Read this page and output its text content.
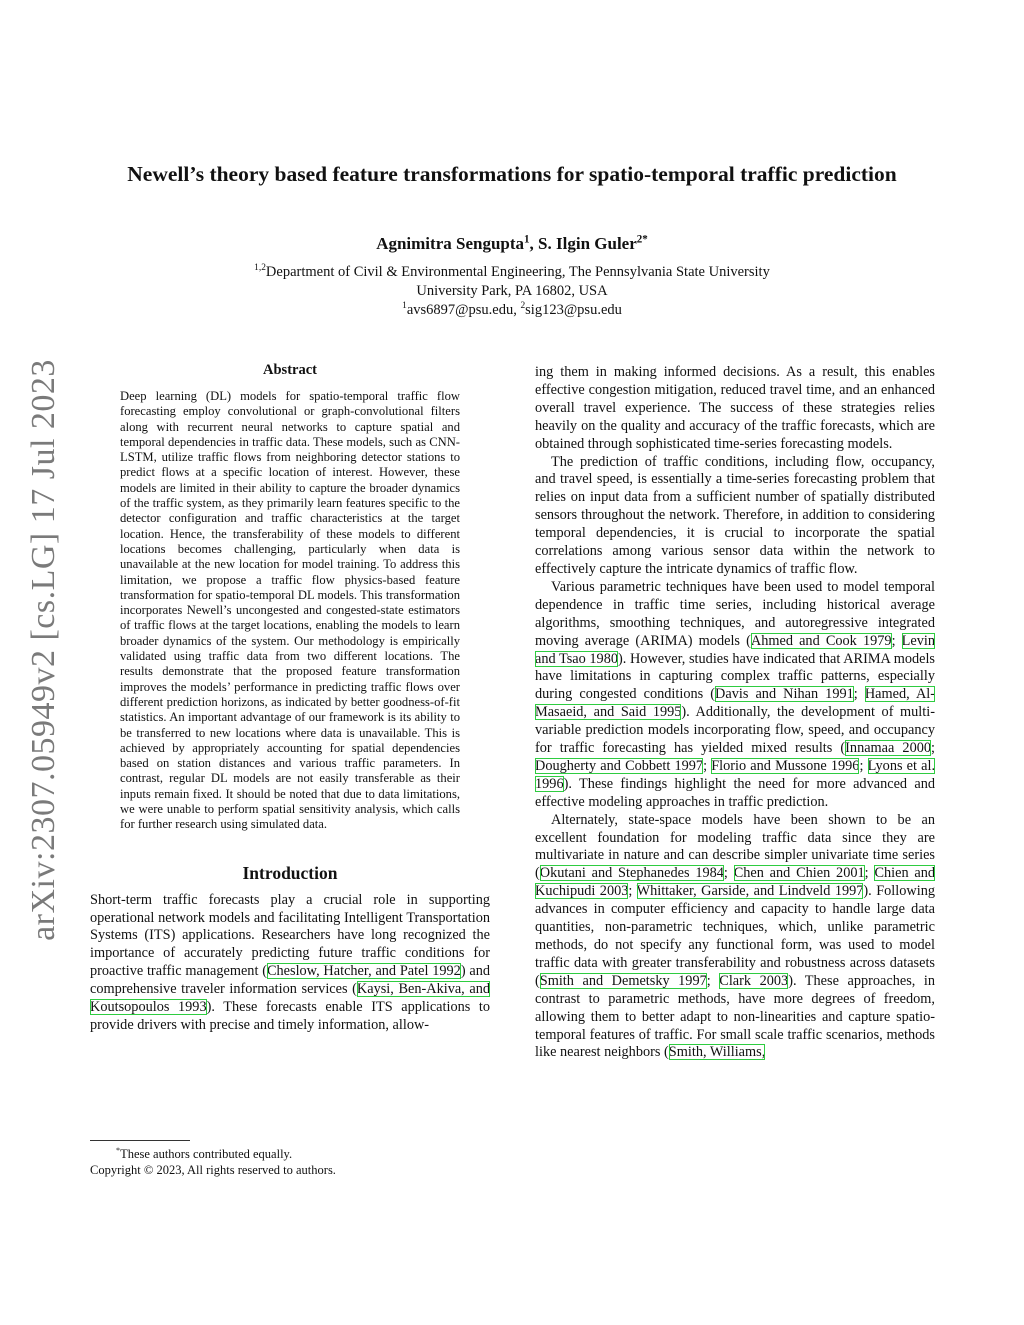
arXiv:2307.05949v2 [cs.LG] 17 Jul 2023
Newell’s theory based feature transformations for spatio-temporal traffic prediction
Agnimitra Sengupta$^1$, S. Ilgin Guler$^{2*}$
$^{1,2}$Department of Civil & Environmental Engineering, The Pennsylvania State University
University Park, PA 16802, USA
$^1$avs6897@psu.edu, $^2$sig123@psu.edu
Abstract
Deep learning (DL) models for spatio-temporal traffic flow forecasting employ convolutional or graph-convolutional filters along with recurrent neural networks to capture spatial and temporal dependencies in traffic data. These models, such as CNN-LSTM, utilize traffic flows from neighboring detector stations to predict flows at a specific location of interest. However, these models are limited in their ability to capture the broader dynamics of the traffic system, as they primarily learn features specific to the detector configuration and traffic characteristics at the target location. Hence, the transferability of these models to different locations becomes challenging, particularly when data is unavailable at the new location for model training. To address this limitation, we propose a traffic flow physics-based feature transformation for spatio-temporal DL models. This transformation incorporates Newell’s uncongested and congested-state estimators of traffic flows at the target locations, enabling the models to learn broader dynamics of the system. Our methodology is empirically validated using traffic data from two different locations. The results demonstrate that the proposed feature transformation improves the models’ performance in predicting traffic flows over different prediction horizons, as indicated by better goodness-of-fit statistics. An important advantage of our framework is its ability to be transferred to new locations where data is unavailable. This is achieved by appropriately accounting for spatial dependencies based on station distances and various traffic parameters. In contrast, regular DL models are not easily transferable as their inputs remain fixed. It should be noted that due to data limitations, we were unable to perform spatial sensitivity analysis, which calls for further research using simulated data.
Introduction

Short-term traffic forecasts play a crucial role in supporting operational network models and facilitating Intelligent Transportation Systems (ITS) applications. Researchers have long recognized the importance of accurately predicting future traffic conditions for proactive traffic management (Cheslow, Hatcher, and Patel 1992) and comprehensive traveler information services (Kaysi, Ben-Akiva, and Koutsopoulos 1993). These forecasts enable ITS applications to provide drivers with precise and timely information, allow-

ing them in making informed decisions. As a result, this enables effective congestion mitigation, reduced travel time, and an enhanced overall travel experience. The success of these strategies relies heavily on the quality and accuracy of the traffic forecasts, which are obtained through sophisticated time-series forecasting models.

The prediction of traffic conditions, including flow, occupancy, and travel speed, is essentially a time-series forecasting problem that relies on input data from a sufficient number of spatially distributed sensors throughout the network. Therefore, in addition to considering temporal dependencies, it is crucial to incorporate the spatial correlations among various sensor data within the network to effectively capture the intricate dynamics of traffic flow.

Various parametric techniques have been used to model temporal dependence in traffic time series, including historical average algorithms, smoothing techniques, and autoregressive integrated moving average (ARIMA) models (Ahmed and Cook 1979; Levin and Tsao 1980). However, studies have indicated that ARIMA models have limitations in capturing complex traffic patterns, especially during congested conditions (Davis and Nihan 1991; Hamed, Al-Masaeid, and Said 1995). Additionally, the development of multi-variable prediction models incorporating flow, speed, and occupancy for traffic forecasting has yielded mixed results (Innamaa 2000; Dougherty and Cobbett 1997; Florio and Mussone 1996; Lyons et al. 1996). These findings highlight the need for more advanced and effective modeling approaches in traffic prediction.

Alternately, state-space models have been shown to be an excellent foundation for modeling traffic data since they are multivariate in nature and can describe simpler univariate time series (Okutani and Stephanedes 1984; Chen and Chien 2001; Chien and Kuchipudi 2003; Whittaker, Garside, and Lindveld 1997). Following advances in computer efficiency and capacity to handle large data quantities, non-parametric techniques, which, unlike parametric methods, do not specify any functional form, was used to model traffic data with greater transferability and robustness across datasets (Smith and Demetsky 1997; Clark 2003). These approaches, in contrast to parametric methods, have more degrees of freedom, allowing them to better adapt to non-linearities and capture spatio-temporal features of traffic. For small scale traffic scenarios, methods like nearest neighbors (Smith, Williams,

*These authors contributed equally.
Copyright © 2023, All rights reserved to authors.
